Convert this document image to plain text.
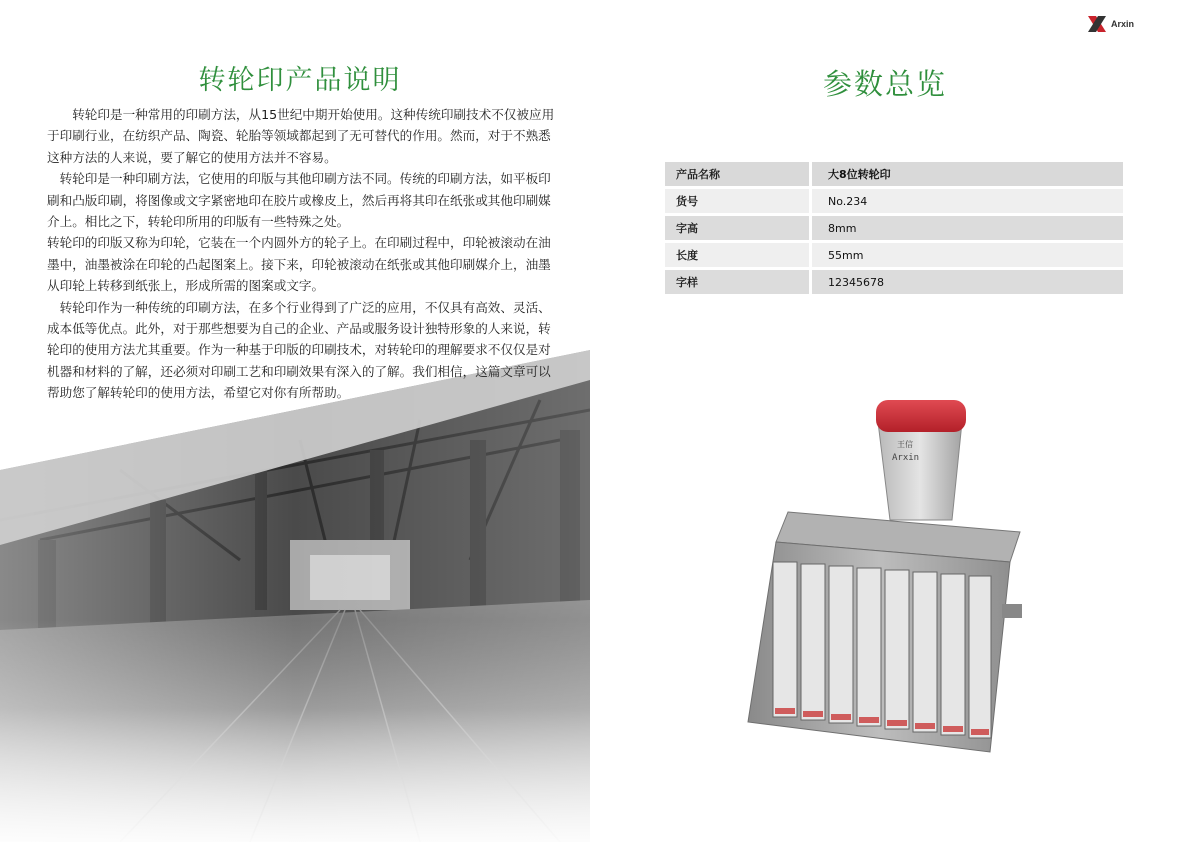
Arxin
转轮印产品说明

　　转轮印是一种常用的印刷方法，从15世纪中期开始使用。这种传统印刷技术不仅被应用于印刷行业，在纺织产品、陶瓷、轮胎等领域都起到了无可替代的作用。然而，对于不熟悉这种方法的人来说，要了解它的使用方法并不容易。

　转轮印是一种印刷方法，它使用的印版与其他印刷方法不同。传统的印刷方法，如平板印刷和凸版印刷，将图像或文字紧密地印在胶片或橡皮上，然后再将其印在纸张或其他印刷媒介上。相比之下，转轮印所用的印版有一些特殊之处。

转轮印的印版又称为印轮，它装在一个内圆外方的轮子上。在印刷过程中，印轮被滚动在油墨中，油墨被涂在印轮的凸起图案上。接下来，印轮被滚动在纸张或其他印刷媒介上，油墨从印轮上转移到纸张上，形成所需的图案或文字。

　转轮印作为一种传统的印刷方法，在多个行业得到了广泛的应用，不仅具有高效、灵活、成本低等优点。此外，对于那些想要为自己的企业、产品或服务设计独特形象的人来说，转轮印的使用方法尤其重要。作为一种基于印版的印刷技术，对转轮印的理解要求不仅仅是对机器和材料的了解，还必须对印刷工艺和印刷效果有深入的了解。我们相信，这篇文章可以帮助您了解转轮印的使用方法，希望它对你有所帮助。

参数总览
产品名称	大8位转轮印
货号	No.234
字高	8mm
长度	55mm
字样	12345678
王信
Arxin
